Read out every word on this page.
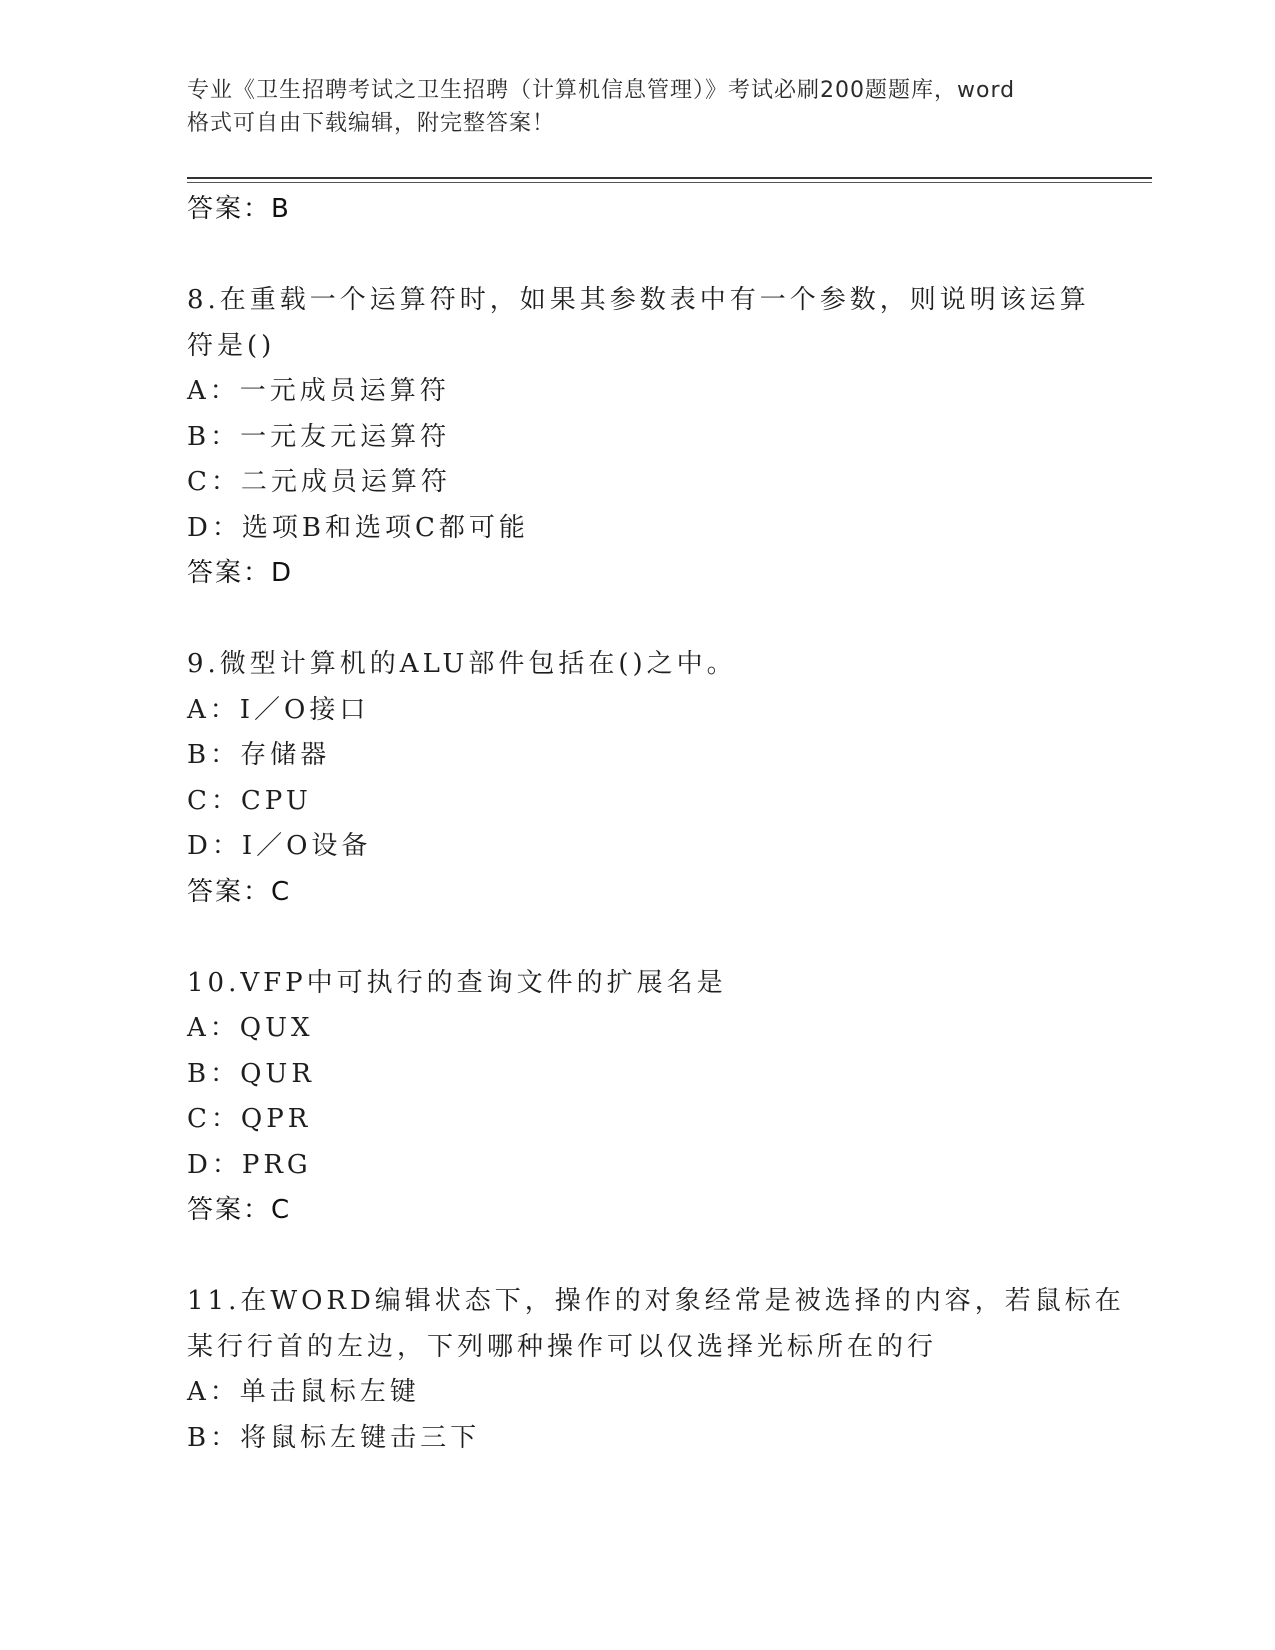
专业《卫生招聘考试之卫生招聘（计算机信息管理）》考试必刷200题题库，word
格式可自由下载编辑，附完整答案！
答案：B
8.在重载一个运算符时，如果其参数表中有一个参数，则说明该运算
符是()
A：一元成员运算符
B：一元友元运算符
C：二元成员运算符
D：选项B和选项C都可能
答案：D
9.微型计算机的ALU部件包括在()之中。
A：I／O接口
B：存储器
C：CPU
D：I／O设备
答案：C
10.VFP中可执行的查询文件的扩展名是
A：QUX
B：QUR
C：QPR
D：PRG
答案：C
11.在WORD编辑状态下，操作的对象经常是被选择的内容，若鼠标在
某行行首的左边，下列哪种操作可以仅选择光标所在的行
A：单击鼠标左键
B：将鼠标左键击三下
